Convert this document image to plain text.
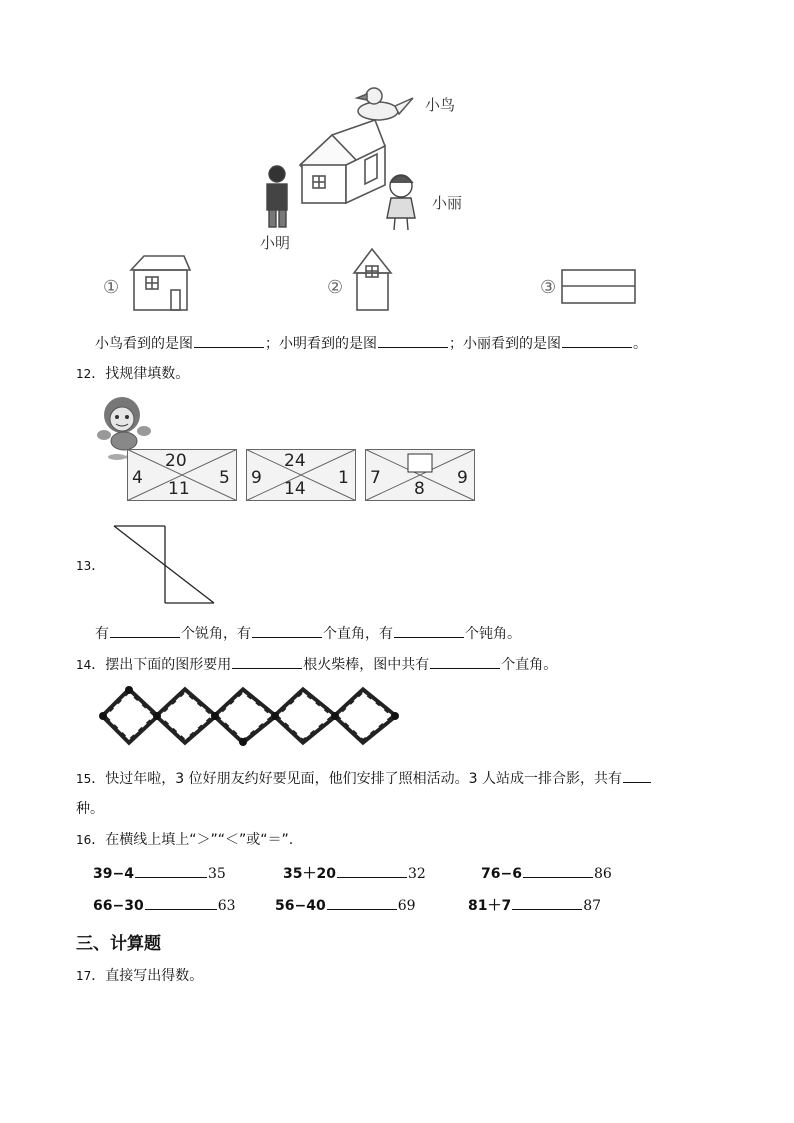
小鸟
小丽
小明
①	②	③
小鸟看到的是图	；小明看到的是图	；小丽看到的是图	。
12．找规律填数。
20
4
11
5
24
9
14
1 7
8
9
13．
有	个锐角，有	个直角，有	个钝角。
14．摆出下面的图形要用	根火柴棒，图中共有	个直角。
15．快过年啦，3 位好朋友约好要见面，他们安排了照相活动。3 人站成一排合影，共有
种。
16．在横线上填上“＞”“＜”或“＝”.
39−4	35	35＋20	32	76−6	86
66−30	63	56−40	69	81＋7	87
三、计算题
17．直接写出得数。
